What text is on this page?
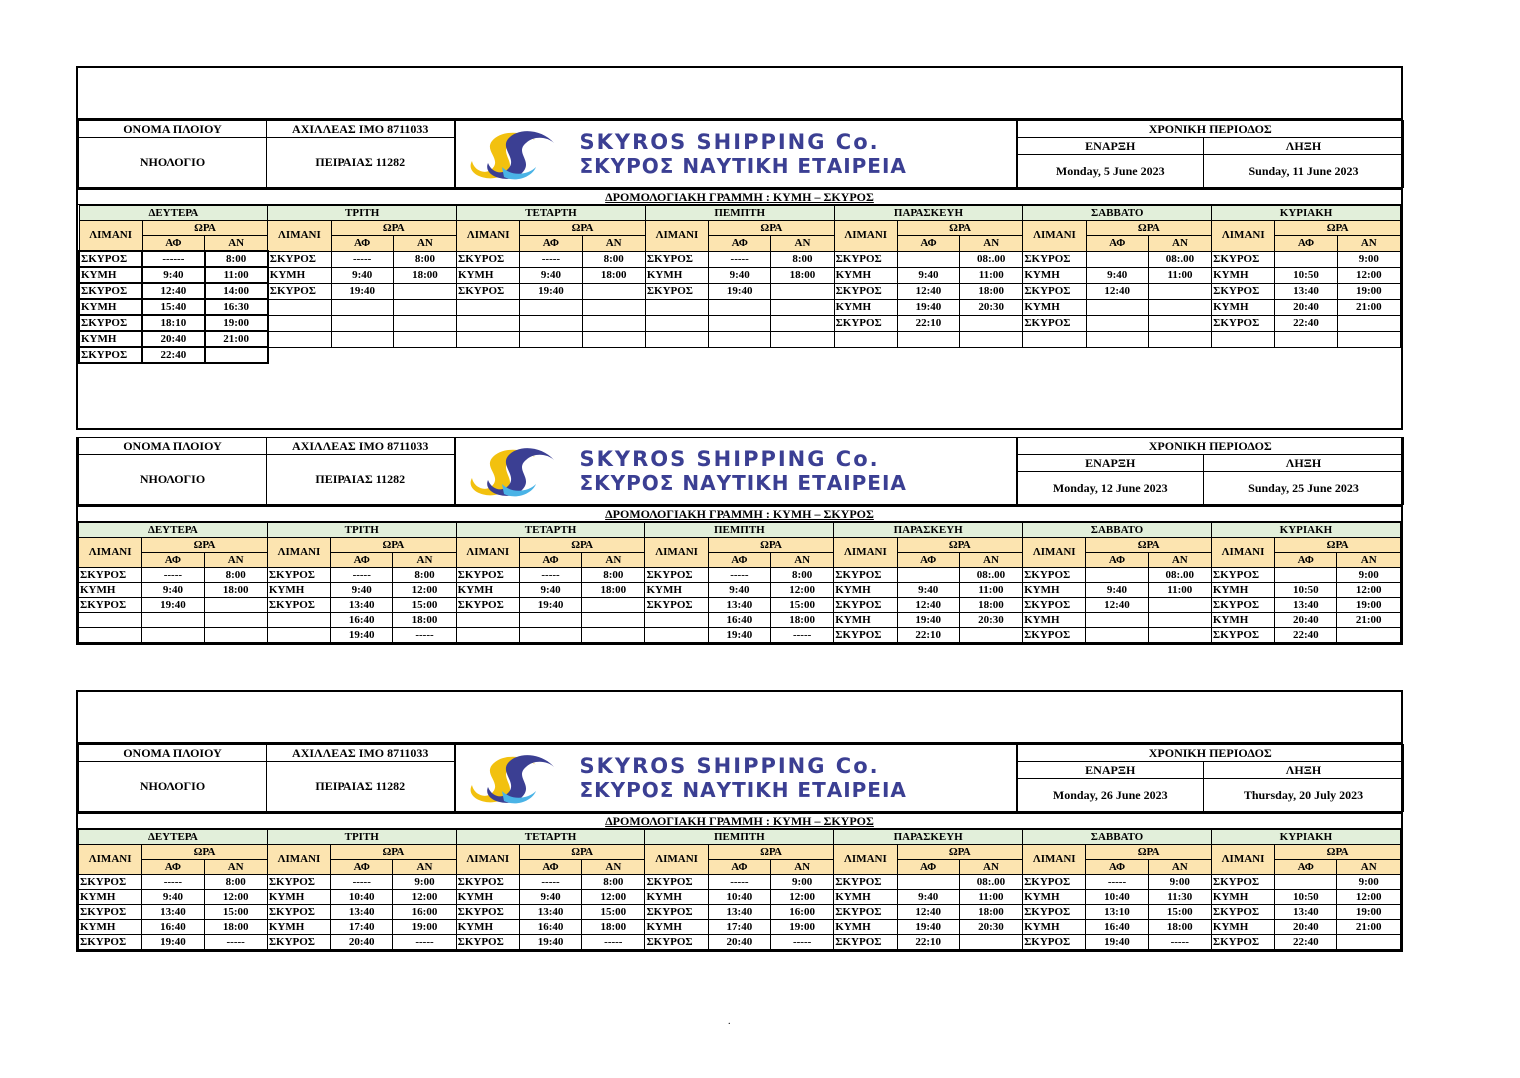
ΟΝΟΜΑ ΠΛΟΙΟΥ	ΑΧΙΛΛΕΑΣ ΙΜΟ 8711033	SKYROS SHIPPING Co.
ΣΚΥΡΟΣ ΝΑΥΤΙΚΗ ΕΤΑΙΡΕΙΑ	ΧΡΟΝΙΚΗ ΠΕΡΙΟΔΟΣ	
ΝΗΟΛΟΓΙΟ	ΠΕΙΡΑΙΑΣ 11282		ΕΝΑΡΞΗ	ΛΗΞΗ
			Monday, 5 June 2023	Sunday, 11 June 2023
ΔΡΟΜΟΛΟΓΙΑΚΗ ΓΡΑΜΜΗ : ΚΥΜΗ – ΣΚΥΡΟΣ
ΔΕΥΤΕΡΑ			ΤΡΙΤΗ			ΤΕΤΑΡΤΗ			ΠΕΜΠΤΗ			ΠΑΡΑΣΚΕΥΗ			ΣΑΒΒΑΤΟ			ΚΥΡΙΑΚΗ		
ΛΙΜΑΝΙ	ΩΡΑ		ΛΙΜΑΝΙ	ΩΡΑ		ΛΙΜΑΝΙ	ΩΡΑ		ΛΙΜΑΝΙ	ΩΡΑ		ΛΙΜΑΝΙ	ΩΡΑ		ΛΙΜΑΝΙ	ΩΡΑ		ΛΙΜΑΝΙ	ΩΡΑ	
	ΑΦ	ΑΝ		ΑΦ	ΑΝ		ΑΦ	ΑΝ		ΑΦ	ΑΝ		ΑΦ	ΑΝ		ΑΦ	ΑΝ		ΑΦ	ΑΝ
ΣΚΥΡΟΣ	------	8:00	ΣΚΥΡΟΣ	-----	8:00	ΣΚΥΡΟΣ	-----	8:00	ΣΚΥΡΟΣ	-----	8:00	ΣΚΥΡΟΣ		08:.00	ΣΚΥΡΟΣ		08:.00	ΣΚΥΡΟΣ		9:00
ΚΥΜΗ	9:40	11:00	ΚΥΜΗ	9:40	18:00	ΚΥΜΗ	9:40	18:00	ΚΥΜΗ	9:40	18:00	ΚΥΜΗ	9:40	11:00	ΚΥΜΗ	9:40	11:00	ΚΥΜΗ	10:50	12:00
ΣΚΥΡΟΣ	12:40	14:00	ΣΚΥΡΟΣ	19:40		ΣΚΥΡΟΣ	19:40		ΣΚΥΡΟΣ	19:40		ΣΚΥΡΟΣ	12:40	18:00	ΣΚΥΡΟΣ	12:40		ΣΚΥΡΟΣ	13:40	19:00
ΚΥΜΗ	15:40	16:30										ΚΥΜΗ	19:40	20:30	ΚΥΜΗ			ΚΥΜΗ	20:40	21:00
ΣΚΥΡΟΣ	18:10	19:00										ΣΚΥΡΟΣ	22:10		ΣΚΥΡΟΣ			ΣΚΥΡΟΣ	22:40	
ΚΥΜΗ	20:40	21:00																		
ΣΚΥΡΟΣ	22:40																			
ΟΝΟΜΑ ΠΛΟΙΟΥ	ΑΧΙΛΛΕΑΣ ΙΜΟ 8711033	SKYROS SHIPPING Co.
ΣΚΥΡΟΣ ΝΑΥΤΙΚΗ ΕΤΑΙΡΕΙΑ	ΧΡΟΝΙΚΗ ΠΕΡΙΟΔΟΣ	
ΝΗΟΛΟΓΙΟ	ΠΕΙΡΑΙΑΣ 11282		ΕΝΑΡΞΗ	ΛΗΞΗ
			Monday, 12 June 2023	Sunday, 25 June 2023
ΔΡΟΜΟΛΟΓΙΑΚΗ ΓΡΑΜΜΗ : ΚΥΜΗ – ΣΚΥΡΟΣ
ΔΕΥΤΕΡΑ			ΤΡΙΤΗ			ΤΕΤΑΡΤΗ			ΠΕΜΠΤΗ			ΠΑΡΑΣΚΕΥΗ			ΣΑΒΒΑΤΟ			ΚΥΡΙΑΚΗ		
ΛΙΜΑΝΙ	ΩΡΑ		ΛΙΜΑΝΙ	ΩΡΑ		ΛΙΜΑΝΙ	ΩΡΑ		ΛΙΜΑΝΙ	ΩΡΑ		ΛΙΜΑΝΙ	ΩΡΑ		ΛΙΜΑΝΙ	ΩΡΑ		ΛΙΜΑΝΙ	ΩΡΑ	
	ΑΦ	ΑΝ		ΑΦ	ΑΝ		ΑΦ	ΑΝ		ΑΦ	ΑΝ		ΑΦ	ΑΝ		ΑΦ	ΑΝ		ΑΦ	ΑΝ
ΣΚΥΡΟΣ	-----	8:00	ΣΚΥΡΟΣ	-----	8:00	ΣΚΥΡΟΣ	-----	8:00	ΣΚΥΡΟΣ	-----	8:00	ΣΚΥΡΟΣ		08:.00	ΣΚΥΡΟΣ		08:.00	ΣΚΥΡΟΣ		9:00
ΚΥΜΗ	9:40	18:00	ΚΥΜΗ	9:40	12:00	ΚΥΜΗ	9:40	18:00	ΚΥΜΗ	9:40	12:00	ΚΥΜΗ	9:40	11:00	ΚΥΜΗ	9:40	11:00	ΚΥΜΗ	10:50	12:00
ΣΚΥΡΟΣ	19:40		ΣΚΥΡΟΣ	13:40	15:00	ΣΚΥΡΟΣ	19:40		ΣΚΥΡΟΣ	13:40	15:00	ΣΚΥΡΟΣ	12:40	18:00	ΣΚΥΡΟΣ	12:40		ΣΚΥΡΟΣ	13:40	19:00
				16:40	18:00					16:40	18:00	ΚΥΜΗ	19:40	20:30	ΚΥΜΗ			ΚΥΜΗ	20:40	21:00
				19:40	-----					19:40	-----	ΣΚΥΡΟΣ	22:10		ΣΚΥΡΟΣ			ΣΚΥΡΟΣ	22:40	
ΟΝΟΜΑ ΠΛΟΙΟΥ	ΑΧΙΛΛΕΑΣ ΙΜΟ 8711033	SKYROS SHIPPING Co.
ΣΚΥΡΟΣ ΝΑΥΤΙΚΗ ΕΤΑΙΡΕΙΑ	ΧΡΟΝΙΚΗ ΠΕΡΙΟΔΟΣ	
ΝΗΟΛΟΓΙΟ	ΠΕΙΡΑΙΑΣ 11282		ΕΝΑΡΞΗ	ΛΗΞΗ
			Monday, 26 June 2023	Thursday, 20 July 2023
ΔΡΟΜΟΛΟΓΙΑΚΗ ΓΡΑΜΜΗ : ΚΥΜΗ – ΣΚΥΡΟΣ
ΔΕΥΤΕΡΑ			ΤΡΙΤΗ			ΤΕΤΑΡΤΗ			ΠΕΜΠΤΗ			ΠΑΡΑΣΚΕΥΗ			ΣΑΒΒΑΤΟ			ΚΥΡΙΑΚΗ		
ΛΙΜΑΝΙ	ΩΡΑ		ΛΙΜΑΝΙ	ΩΡΑ		ΛΙΜΑΝΙ	ΩΡΑ		ΛΙΜΑΝΙ	ΩΡΑ		ΛΙΜΑΝΙ	ΩΡΑ		ΛΙΜΑΝΙ	ΩΡΑ		ΛΙΜΑΝΙ	ΩΡΑ	
	ΑΦ	ΑΝ		ΑΦ	ΑΝ		ΑΦ	ΑΝ		ΑΦ	ΑΝ		ΑΦ	ΑΝ		ΑΦ	ΑΝ		ΑΦ	ΑΝ
ΣΚΥΡΟΣ	-----	8:00	ΣΚΥΡΟΣ	-----	9:00	ΣΚΥΡΟΣ	-----	8:00	ΣΚΥΡΟΣ	-----	9:00	ΣΚΥΡΟΣ		08:.00	ΣΚΥΡΟΣ	-----	9:00	ΣΚΥΡΟΣ		9:00
ΚΥΜΗ	9:40	12:00	ΚΥΜΗ	10:40	12:00	ΚΥΜΗ	9:40	12:00	ΚΥΜΗ	10:40	12:00	ΚΥΜΗ	9:40	11:00	ΚΥΜΗ	10:40	11:30	ΚΥΜΗ	10:50	12:00
ΣΚΥΡΟΣ	13:40	15:00	ΣΚΥΡΟΣ	13:40	16:00	ΣΚΥΡΟΣ	13:40	15:00	ΣΚΥΡΟΣ	13:40	16:00	ΣΚΥΡΟΣ	12:40	18:00	ΣΚΥΡΟΣ	13:10	15:00	ΣΚΥΡΟΣ	13:40	19:00
ΚΥΜΗ	16:40	18:00	ΚΥΜΗ	17:40	19:00	ΚΥΜΗ	16:40	18:00	ΚΥΜΗ	17:40	19:00	ΚΥΜΗ	19:40	20:30	ΚΥΜΗ	16:40	18:00	ΚΥΜΗ	20:40	21:00
ΣΚΥΡΟΣ	19:40	-----	ΣΚΥΡΟΣ	20:40	-----	ΣΚΥΡΟΣ	19:40	-----	ΣΚΥΡΟΣ	20:40	-----	ΣΚΥΡΟΣ	22:10		ΣΚΥΡΟΣ	19:40	-----	ΣΚΥΡΟΣ	22:40	
.
